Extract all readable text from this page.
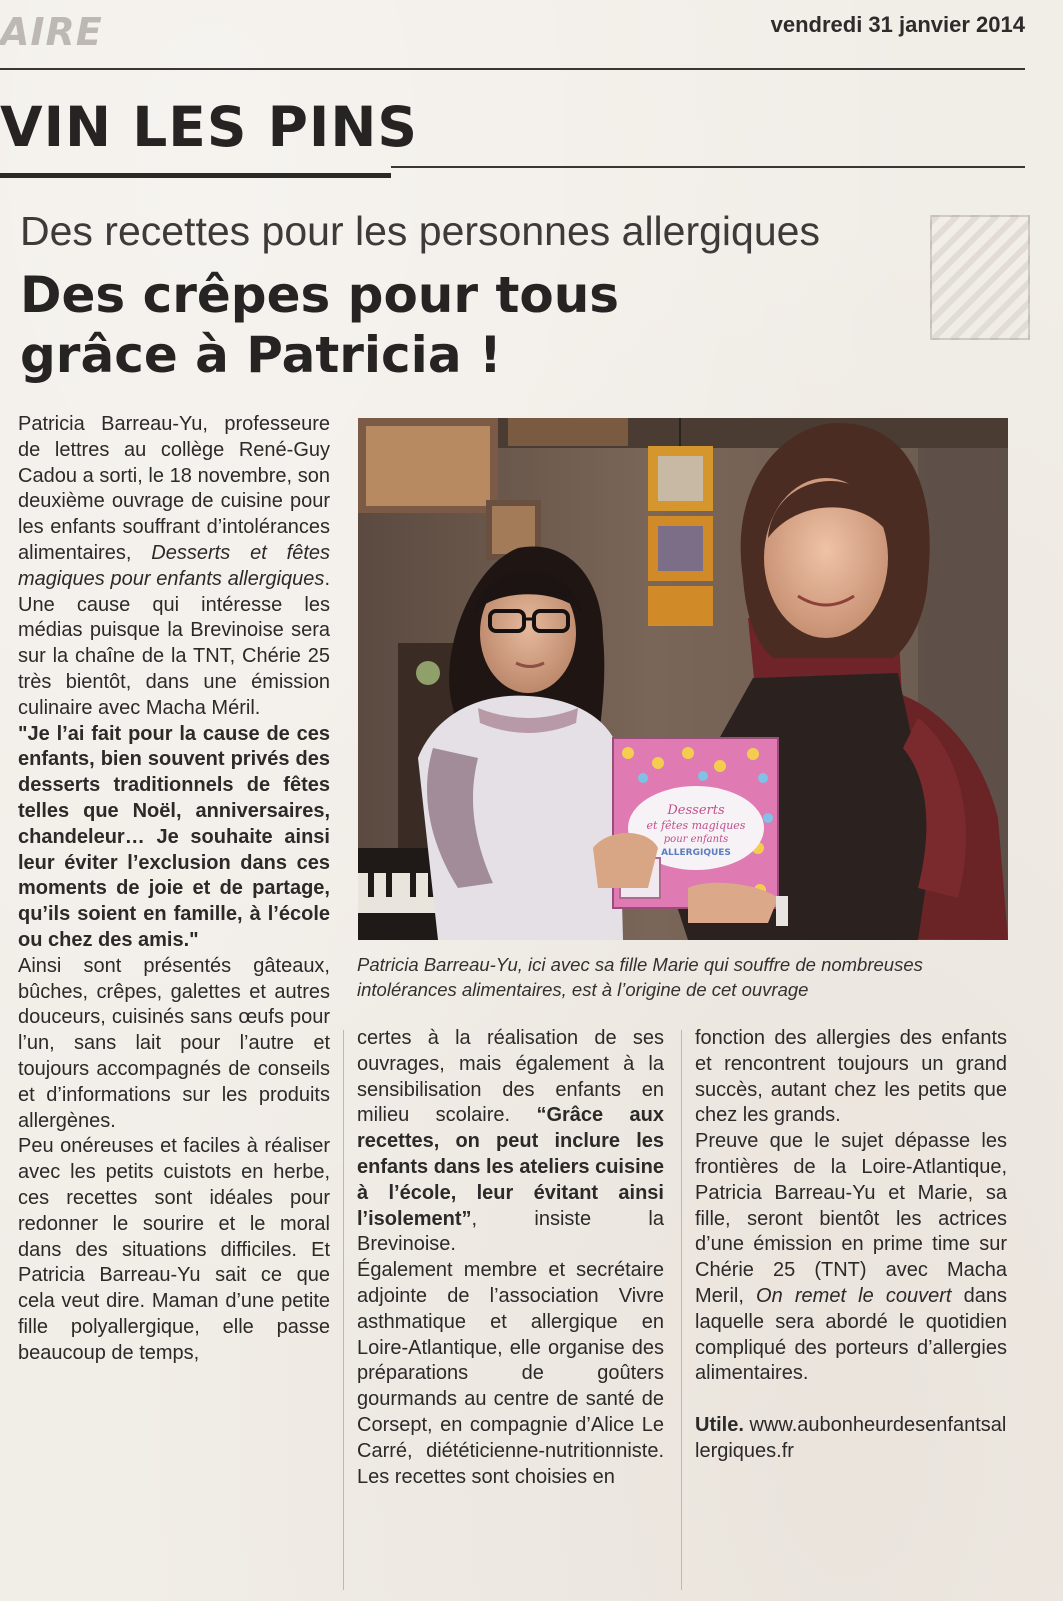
AIRE	vendredi 31 janvier 2014
VIN LES PINS
Des recettes pour les personnes allergiques
Des crêpes pour tous
grâce à Patricia !

Patricia Barreau-Yu, professeure de lettres au collège René-Guy Cadou a sorti, le 18 novembre, son deuxième ouvrage de cuisine pour les enfants souffrant d’intolérances alimentaires, Desserts et fêtes magiques pour enfants allergiques. Une cause qui intéresse les médias puisque la Brevinoise sera sur la chaîne de la TNT, Chérie 25 très bientôt, dans une émission culinaire avec Macha Méril.

"Je l’ai fait pour la cause de ces enfants, bien souvent privés des desserts traditionnels de fêtes telles que Noël, anniversaires, chandeleur… Je souhaite ainsi leur éviter l’exclusion dans ces moments de joie et de partage, qu’ils soient en famille, à l’école ou chez des amis."

Ainsi sont présentés gâteaux, bûches, crêpes, galettes et autres douceurs, cuisinés sans œufs pour l’un, sans lait pour l’autre et toujours accompagnés de conseils et d’informations sur les produits allergènes.

Peu onéreuses et faciles à réaliser avec les petits cuistots en herbe, ces recettes sont idéales pour redonner le sourire et le moral dans des situations difficiles. Et Patricia Barreau-Yu sait ce que cela veut dire. Maman d’une petite fille polyallergique, elle passe beaucoup de temps,

Desserts
et fêtes magiques
pour enfants
ALLERGIQUES
Patricia Barreau-Yu, ici avec sa fille Marie qui souffre de nombreuses intolérances alimentaires, est à l’origine de cet ouvrage

certes à la réalisation de ses ouvrages, mais également à la sensibilisation des enfants en milieu scolaire. “Grâce aux recettes, on peut inclure les enfants dans les ateliers cuisine à l’école, leur évitant ainsi l’isolement”, insiste la Brevinoise.

Également membre et secrétaire adjointe de l’association Vivre asthmatique et allergique en Loire-Atlantique, elle organise des préparations de goûters gourmands au centre de santé de Corsept, en compagnie d’Alice Le Carré, diététicienne-nutritionniste. Les recettes sont choisies en

fonction des allergies des enfants et rencontrent toujours un grand succès, autant chez les petits que chez les grands.

Preuve que le sujet dépasse les frontières de la Loire-Atlantique, Patricia Barreau-Yu et Marie, sa fille, seront bientôt les actrices d’une émission en prime time sur Chérie 25 (TNT) avec Macha Meril, On remet le couvert dans laquelle sera abordé le quotidien compliqué des porteurs d’allergies alimentaires.

Utile. www.aubonheurdesenfantsallergiques.fr
